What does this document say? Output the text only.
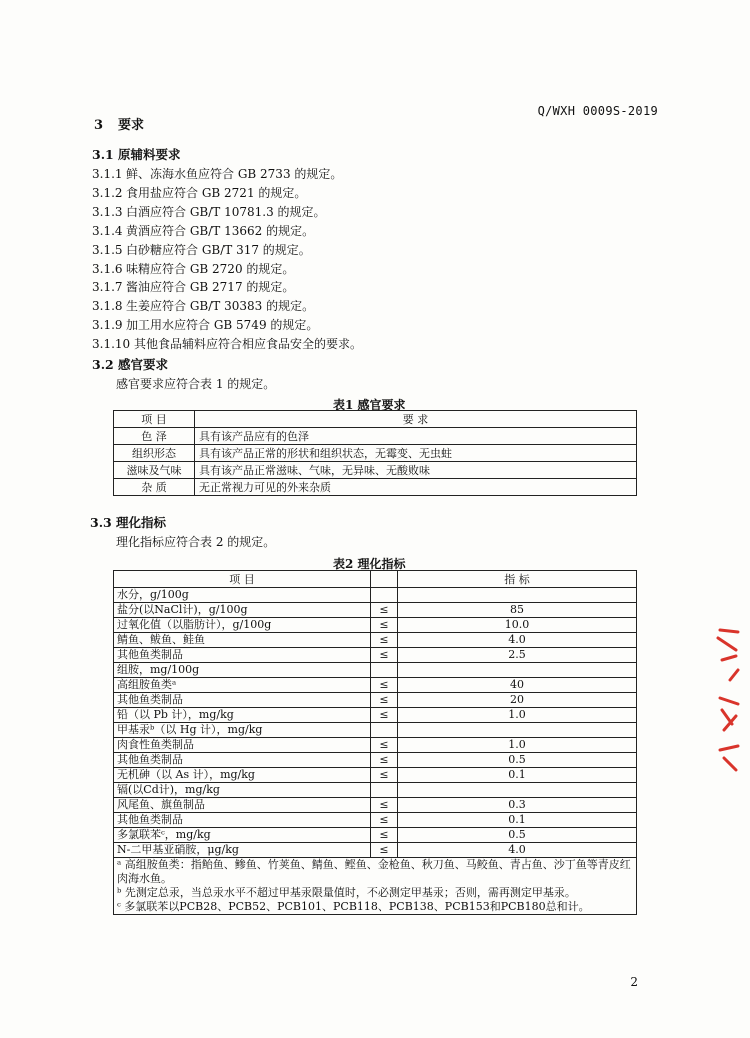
Q/WXH 0009S-2019
3 要求
3.1 原辅料要求
3.1.1 鲜、冻海水鱼应符合 GB 2733 的规定。
3.1.2 食用盐应符合 GB 2721 的规定。
3.1.3 白酒应符合 GB/T 10781.3 的规定。
3.1.4 黄酒应符合 GB/T 13662 的规定。
3.1.5 白砂糖应符合 GB/T 317 的规定。
3.1.6 味精应符合 GB 2720 的规定。
3.1.7 酱油应符合 GB 2717 的规定。
3.1.8 生姜应符合 GB/T 30383 的规定。
3.1.9 加工用水应符合 GB 5749 的规定。
3.1.10 其他食品辅料应符合相应食品安全的要求。
3.2 感官要求
感官要求应符合表 1 的规定。
表1 感官要求
项 目	要 求
色 泽	具有该产品应有的色泽
组织形态	具有该产品正常的形状和组织状态，无霉变、无虫蛀
滋味及气味	具有该产品正常滋味、气味，无异味、无酸败味
杂 质	无正常视力可见的外来杂质
3.3 理化指标
理化指标应符合表 2 的规定。
表2 理化指标
项 目		指 标
水分，g/100g		
盐分(以NaCl计)，g/100g	≤	85
过氧化值（以脂肪计），g/100g	≤	10.0
鲭鱼、鲅鱼、鲑鱼	≤	4.0
其他鱼类制品	≤	2.5
组胺，mg/100g		
高组胺鱼类ᵃ	≤	40
其他鱼类制品	≤	20
铅（以 Pb 计），mg/kg	≤	1.0
甲基汞ᵇ（以 Hg 计），mg/kg		
肉食性鱼类制品	≤	1.0
其他鱼类制品	≤	0.5
无机砷（以 As 计），mg/kg	≤	0.1
镉(以Cd计)，mg/kg		
风尾鱼、旗鱼制品	≤	0.3
其他鱼类制品	≤	0.1
多氯联苯ᶜ，mg/kg	≤	0.5
N-二甲基亚硝胺，μg/kg	≤	4.0

ᵃ 高组胺鱼类：指鲐鱼、鲹鱼、竹荚鱼、鲭鱼、鲣鱼、金枪鱼、秋刀鱼、马鲛鱼、青占鱼、沙丁鱼等青皮红肉海水鱼。
ᵇ 先测定总汞，当总汞水平不超过甲基汞限量值时，不必测定甲基汞；否则，需再测定甲基汞。
ᶜ 多氯联苯以PCB28、PCB52、PCB101、PCB118、PCB138、PCB153和PCB180总和计。		
2
